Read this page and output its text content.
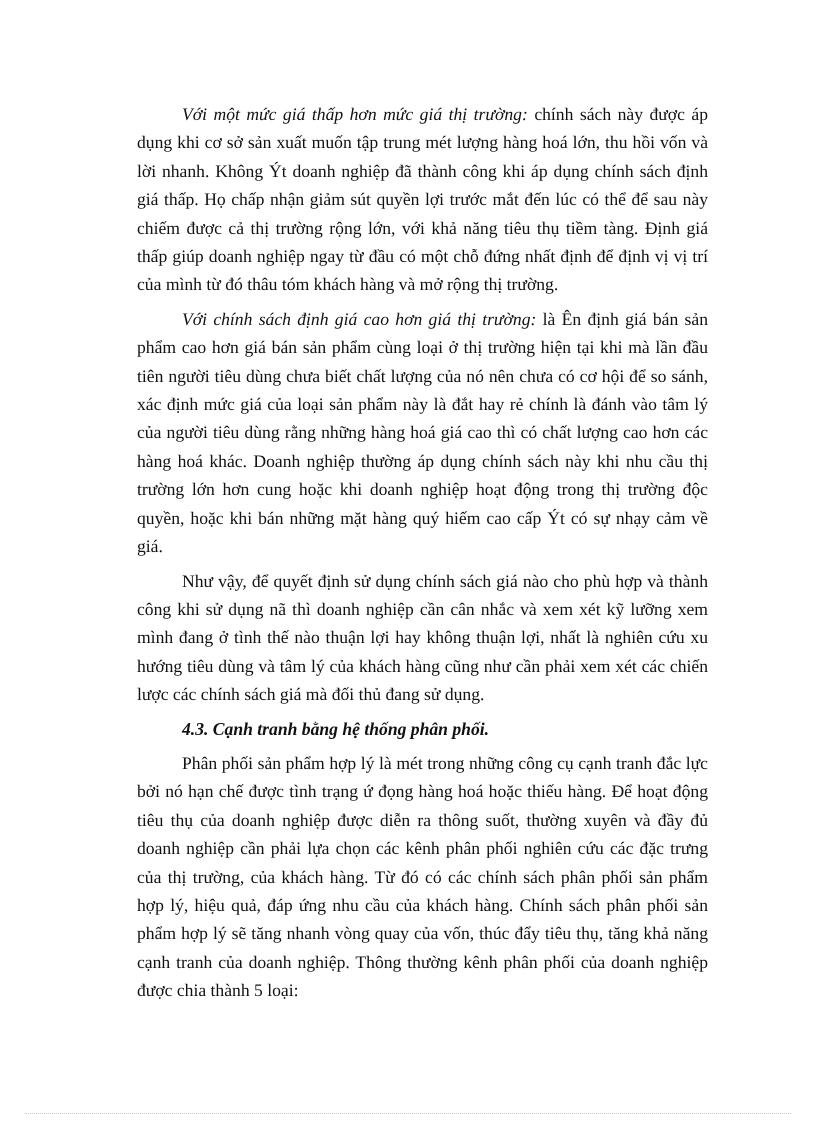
Với một mức giá thấp hơn mức giá thị trường: chính sách này được áp dụng khi cơ sở sản xuất muốn tập trung mét lượng hàng hoá lớn, thu hồi vốn và lời nhanh. Không Ýt doanh nghiệp đã thành công khi áp dụng chính sách định giá thấp. Họ chấp nhận giảm sút quyền lợi trước mắt đến lúc có thể để sau này chiếm được cả thị trường rộng lớn, với khả năng tiêu thụ tiềm tàng. Định giá thấp giúp doanh nghiệp ngay từ đầu có một chỗ đứng nhất định để định vị vị trí của mình từ đó thâu tóm khách hàng và mở rộng thị trường.

Với chính sách định giá cao hơn giá thị trường: là Ên định giá bán sản phẩm cao hơn giá bán sản phẩm cùng loại ở thị trường hiện tại khi mà lần đầu tiên người tiêu dùng chưa biết chất lượng của nó nên chưa có cơ hội để so sánh, xác định mức giá của loại sản phẩm này là đắt hay rẻ chính là đánh vào tâm lý của người tiêu dùng rằng những hàng hoá giá cao thì có chất lượng cao hơn các hàng hoá khác. Doanh nghiệp thường áp dụng chính sách này khi nhu cầu thị trường lớn hơn cung hoặc khi doanh nghiệp hoạt động trong thị trường độc quyền, hoặc khi bán những mặt hàng quý hiếm cao cấp Ýt có sự nhạy cảm về giá.

Như vậy, để quyết định sử dụng chính sách giá nào cho phù hợp và thành công khi sử dụng nã thì doanh nghiệp cần cân nhắc và xem xét kỹ lưỡng xem mình đang ở tình thế nào thuận lợi hay không thuận lợi, nhất là nghiên cứu xu hướng tiêu dùng và tâm lý của khách hàng cũng như cần phải xem xét các chiến lược các chính sách giá mà đối thủ đang sử dụng.

4.3. Cạnh tranh bằng hệ thống phân phối.

Phân phối sản phẩm hợp lý là mét trong những công cụ cạnh tranh đắc lực bởi nó hạn chế được tình trạng ứ đọng hàng hoá hoặc thiếu hàng. Để hoạt động tiêu thụ của doanh nghiệp được diễn ra thông suốt, thường xuyên và đầy đủ doanh nghiệp cần phải lựa chọn các kênh phân phối nghiên cứu các đặc trưng của thị trường, của khách hàng. Từ đó có các chính sách phân phối sản phẩm hợp lý, hiệu quả, đáp ứng nhu cầu của khách hàng. Chính sách phân phối sản phẩm hợp lý sẽ tăng nhanh vòng quay của vốn, thúc đẩy tiêu thụ, tăng khả năng cạnh tranh của doanh nghiệp. Thông thường kênh phân phối của doanh nghiệp được chia thành 5 loại:
